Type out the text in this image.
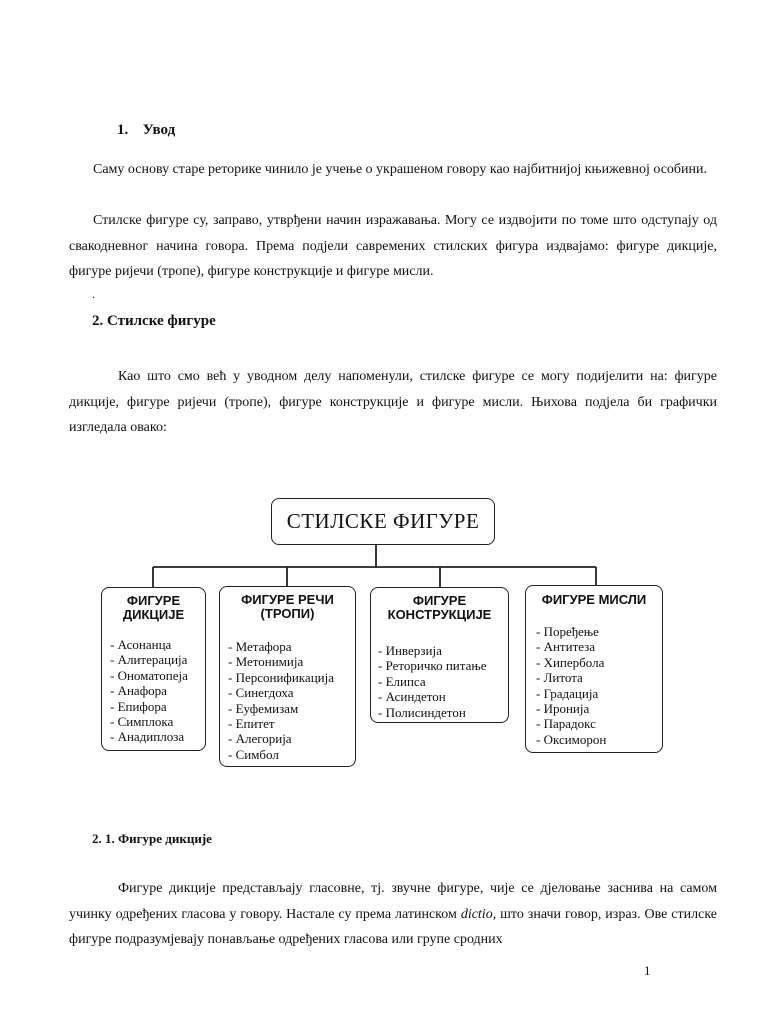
1. Увод

Саму основу старе реторике чинило је учење о украшеном говору као најбитнијој књижевној особини.

Стилске фигуре су, заправо, утврђени начин изражавања. Могу се издвојити по томе што одступају од свакодневног начина говора. Према подјели савремених стилских фигура издвајамо: фигуре дикције, фигуре ријечи (тропе), фигуре конструкције и фигуре мисли.

.
2. Стилске фигуре

Као што смо већ у уводном делу напоменули, стилске фигуре се могу подијелити на: фигуре дикције, фигуре ријечи (тропе), фигуре конструкције и фигуре мисли. Њихова подјела би графички изгледала овако:

СТИЛСКЕ ФИГУРЕ
ФИГУРЕ
ДИКЦИЈЕ
- Асонанца
- Алитерација
- Ономатопеја
- Анафора
- Епифора
- Симплока
- Анадиплоза
ФИГУРЕ РЕЧИ
(ТРОПИ)
- Метафора
- Метонимија
- Персонификација
- Синегдоха
- Еуфемизам
- Епитет
- Алегорија
- Симбол
ФИГУРЕ
КОНСТРУКЦИЈЕ
- Инверзија
- Реторичко питање
- Елипса
- Асиндетон
- Полисиндетон
ФИГУРЕ МИСЛИ
- Поређење
- Антитеза
- Хипербола
- Литота
- Градација
- Иронија
- Парадокс
- Оксиморон
2. 1. Фигуре дикције

Фигуре дикције представљају гласовне, тј. звучне фигуре, чије се дјеловање заснива на самом учинку одређених гласова у говору. Настале су према латинском dictio, што значи говор, израз. Ове стилске фигуре подразумјевају понављање одређених гласова или групе сродних

1
